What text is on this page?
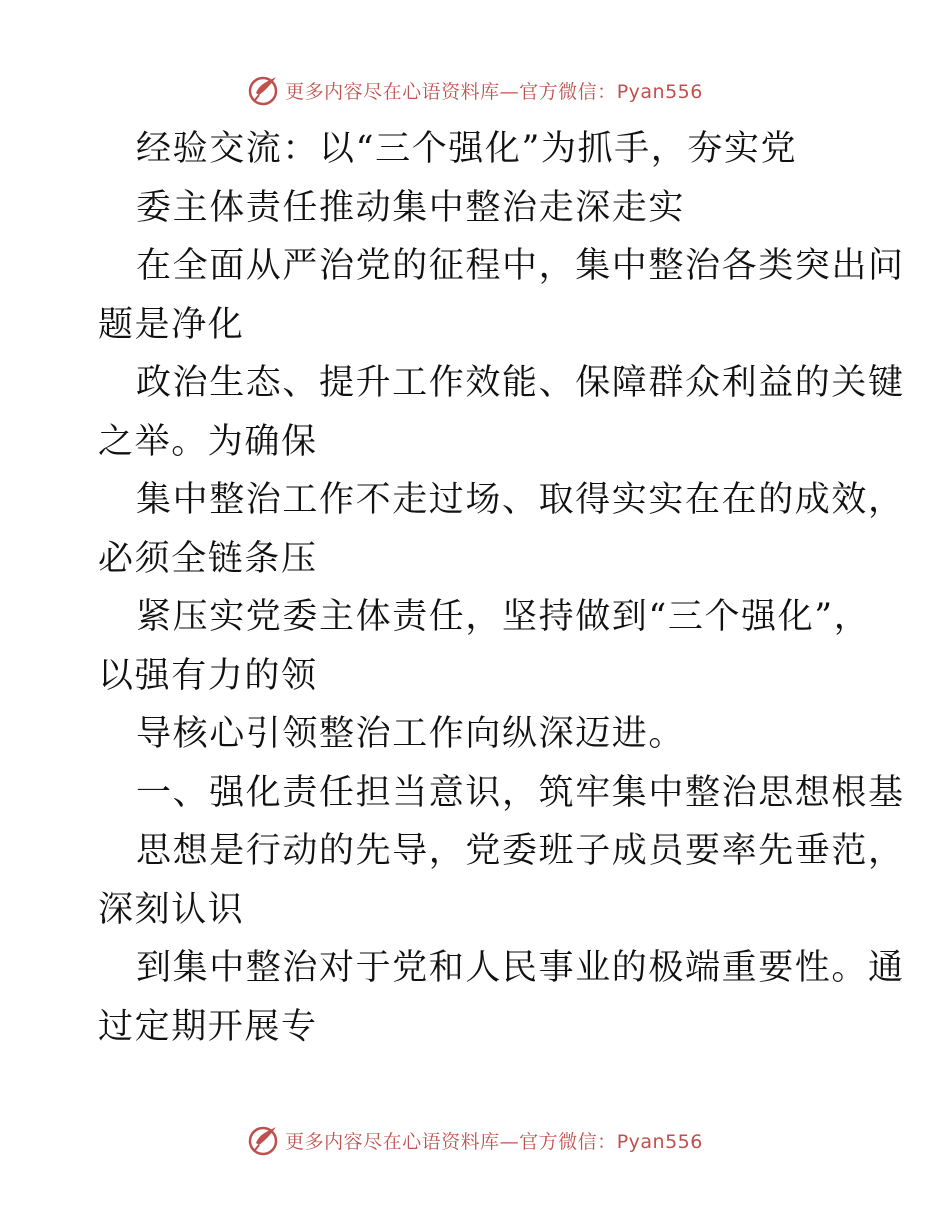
更多内容尽在心语资料库—官方微信：Pyan556
经验交流：以“三个强化”为抓手，夯实党
委主体责任推动集中整治走深走实
在全面从严治党的征程中，集中整治各类突出问
题是净化
政治生态、提升工作效能、保障群众利益的关键
之举。为确保
集中整治工作不走过场、取得实实在在的成效，
必须全链条压
紧压实党委主体责任，坚持做到“三个强化”，
以强有力的领
导核心引领整治工作向纵深迈进。
一、强化责任担当意识，筑牢集中整治思想根基
思想是行动的先导，党委班子成员要率先垂范，
深刻认识
到集中整治对于党和人民事业的极端重要性。通
过定期开展专
更多内容尽在心语资料库—官方微信：Pyan556
